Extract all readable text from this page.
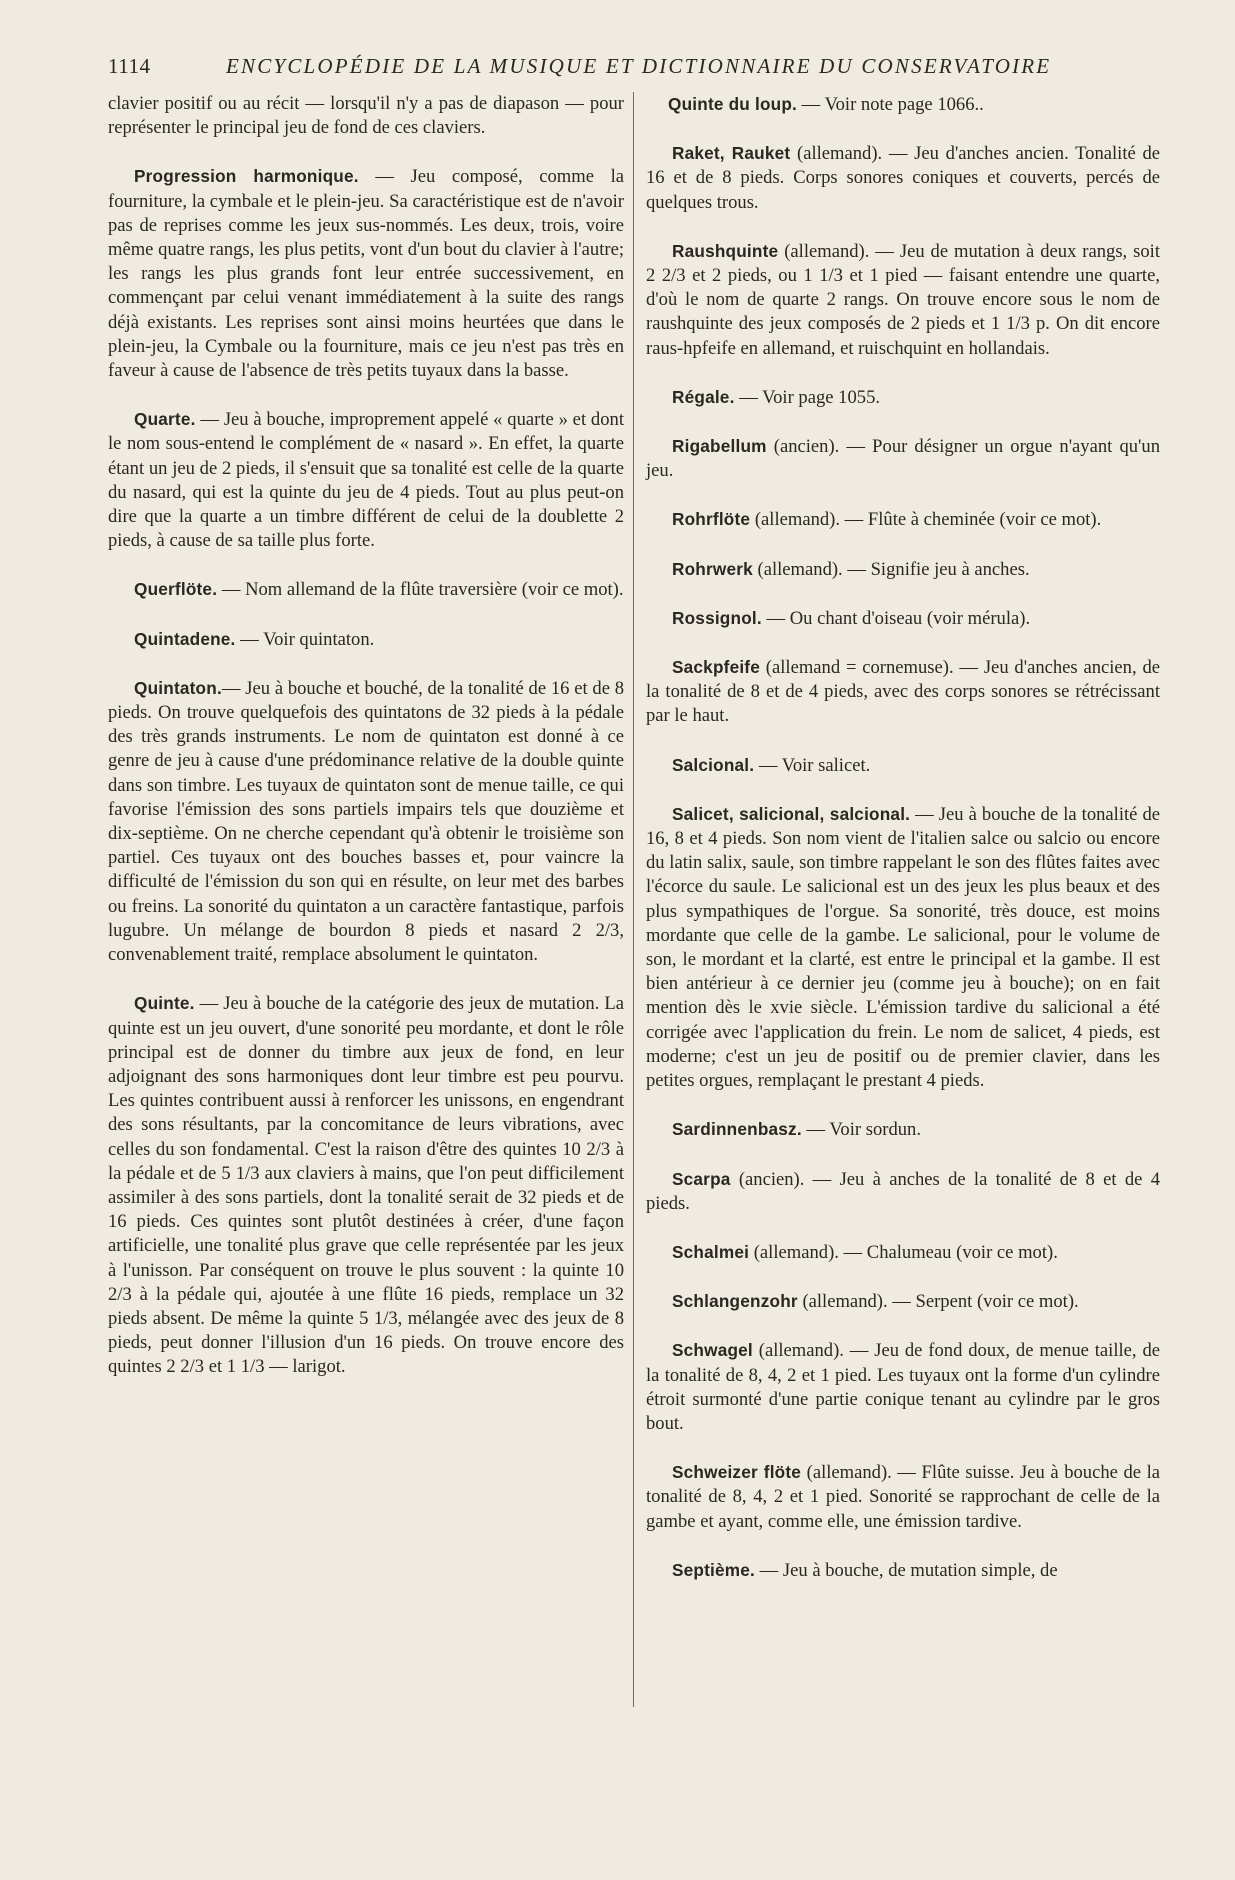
1114	ENCYCLOPÉDIE DE LA MUSIQUE ET DICTIONNAIRE DU CONSERVATOIRE

clavier positif ou au récit — lorsqu'il n'y a pas de diapason — pour représenter le principal jeu de fond de ces claviers.

Progression harmonique. — Jeu composé, comme la fourniture, la cymbale et le plein-jeu. Sa caractéristique est de n'avoir pas de reprises comme les jeux sus-nommés. Les deux, trois, voire même quatre rangs, les plus petits, vont d'un bout du clavier à l'autre; les rangs les plus grands font leur entrée successivement, en commençant par celui venant immédiatement à la suite des rangs déjà existants. Les reprises sont ainsi moins heurtées que dans le plein-jeu, la Cymbale ou la fourniture, mais ce jeu n'est pas très en faveur à cause de l'absence de très petits tuyaux dans la basse.

Quarte. — Jeu à bouche, improprement appelé « quarte » et dont le nom sous-entend le complément de « nasard ». En effet, la quarte étant un jeu de 2 pieds, il s'ensuit que sa tonalité est celle de la quarte du nasard, qui est la quinte du jeu de 4 pieds. Tout au plus peut-on dire que la quarte a un timbre différent de celui de la doublette 2 pieds, à cause de sa taille plus forte.

Querflöte. — Nom allemand de la flûte traversière (voir ce mot).

Quintadene. — Voir quintaton.

Quintaton.— Jeu à bouche et bouché, de la tonalité de 16 et de 8 pieds. On trouve quelquefois des quintatons de 32 pieds à la pédale des très grands instruments. Le nom de quintaton est donné à ce genre de jeu à cause d'une prédominance relative de la double quinte dans son timbre. Les tuyaux de quintaton sont de menue taille, ce qui favorise l'émission des sons partiels impairs tels que douzième et dix-septième. On ne cherche cependant qu'à obtenir le troisième son partiel. Ces tuyaux ont des bouches basses et, pour vaincre la difficulté de l'émission du son qui en résulte, on leur met des barbes ou freins. La sonorité du quintaton a un caractère fantastique, parfois lugubre. Un mélange de bourdon 8 pieds et nasard 2 2/3, convenablement traité, remplace absolument le quintaton.

Quinte. — Jeu à bouche de la catégorie des jeux de mutation. La quinte est un jeu ouvert, d'une sonorité peu mordante, et dont le rôle principal est de donner du timbre aux jeux de fond, en leur adjoignant des sons harmoniques dont leur timbre est peu pourvu. Les quintes contribuent aussi à renforcer les unissons, en engendrant des sons résultants, par la concomitance de leurs vibrations, avec celles du son fondamental. C'est la raison d'être des quintes 10 2/3 à la pédale et de 5 1/3 aux claviers à mains, que l'on peut difficilement assimiler à des sons partiels, dont la tonalité serait de 32 pieds et de 16 pieds. Ces quintes sont plutôt destinées à créer, d'une façon artificielle, une tonalité plus grave que celle représentée par les jeux à l'unisson. Par conséquent on trouve le plus souvent : la quinte 10 2/3 à la pédale qui, ajoutée à une flûte 16 pieds, remplace un 32 pieds absent. De même la quinte 5 1/3, mélangée avec des jeux de 8 pieds, peut donner l'illusion d'un 16 pieds. On trouve encore des quintes 2 2/3 et 1 1/3 — larigot.

Quinte du loup. — Voir note page 1066..

Raket, Rauket (allemand). — Jeu d'anches ancien. Tonalité de 16 et de 8 pieds. Corps sonores coniques et couverts, percés de quelques trous.

Raushquinte (allemand). — Jeu de mutation à deux rangs, soit 2 2/3 et 2 pieds, ou 1 1/3 et 1 pied — faisant entendre une quarte, d'où le nom de quarte 2 rangs. On trouve encore sous le nom de raushquinte des jeux composés de 2 pieds et 1 1/3 p. On dit encore raus-hpfeife en allemand, et ruischquint en hollandais.

Régale. — Voir page 1055.

Rigabellum (ancien). — Pour désigner un orgue n'ayant qu'un jeu.

Rohrflöte (allemand). — Flûte à cheminée (voir ce mot).

Rohrwerk (allemand). — Signifie jeu à anches.

Rossignol. — Ou chant d'oiseau (voir mérula).

Sackpfeife (allemand = cornemuse). — Jeu d'anches ancien, de la tonalité de 8 et de 4 pieds, avec des corps sonores se rétrécissant par le haut.

Salcional. — Voir salicet.

Salicet, salicional, salcional. — Jeu à bouche de la tonalité de 16, 8 et 4 pieds. Son nom vient de l'italien salce ou salcio ou encore du latin salix, saule, son timbre rappelant le son des flûtes faites avec l'écorce du saule. Le salicional est un des jeux les plus beaux et des plus sympathiques de l'orgue. Sa sonorité, très douce, est moins mordante que celle de la gambe. Le salicional, pour le volume de son, le mordant et la clarté, est entre le principal et la gambe. Il est bien antérieur à ce dernier jeu (comme jeu à bouche); on en fait mention dès le xvie siècle. L'émission tardive du salicional a été corrigée avec l'application du frein. Le nom de salicet, 4 pieds, est moderne; c'est un jeu de positif ou de premier clavier, dans les petites orgues, remplaçant le prestant 4 pieds.

Sardinnenbasz. — Voir sordun.

Scarpa (ancien). — Jeu à anches de la tonalité de 8 et de 4 pieds.

Schalmei (allemand). — Chalumeau (voir ce mot).

Schlangenzohr (allemand). — Serpent (voir ce mot).

Schwagel (allemand). — Jeu de fond doux, de menue taille, de la tonalité de 8, 4, 2 et 1 pied. Les tuyaux ont la forme d'un cylindre étroit surmonté d'une partie conique tenant au cylindre par le gros bout.

Schweizer flöte (allemand). — Flûte suisse. Jeu à bouche de la tonalité de 8, 4, 2 et 1 pied. Sonorité se rapprochant de celle de la gambe et ayant, comme elle, une émission tardive.

Septième. — Jeu à bouche, de mutation simple, de
